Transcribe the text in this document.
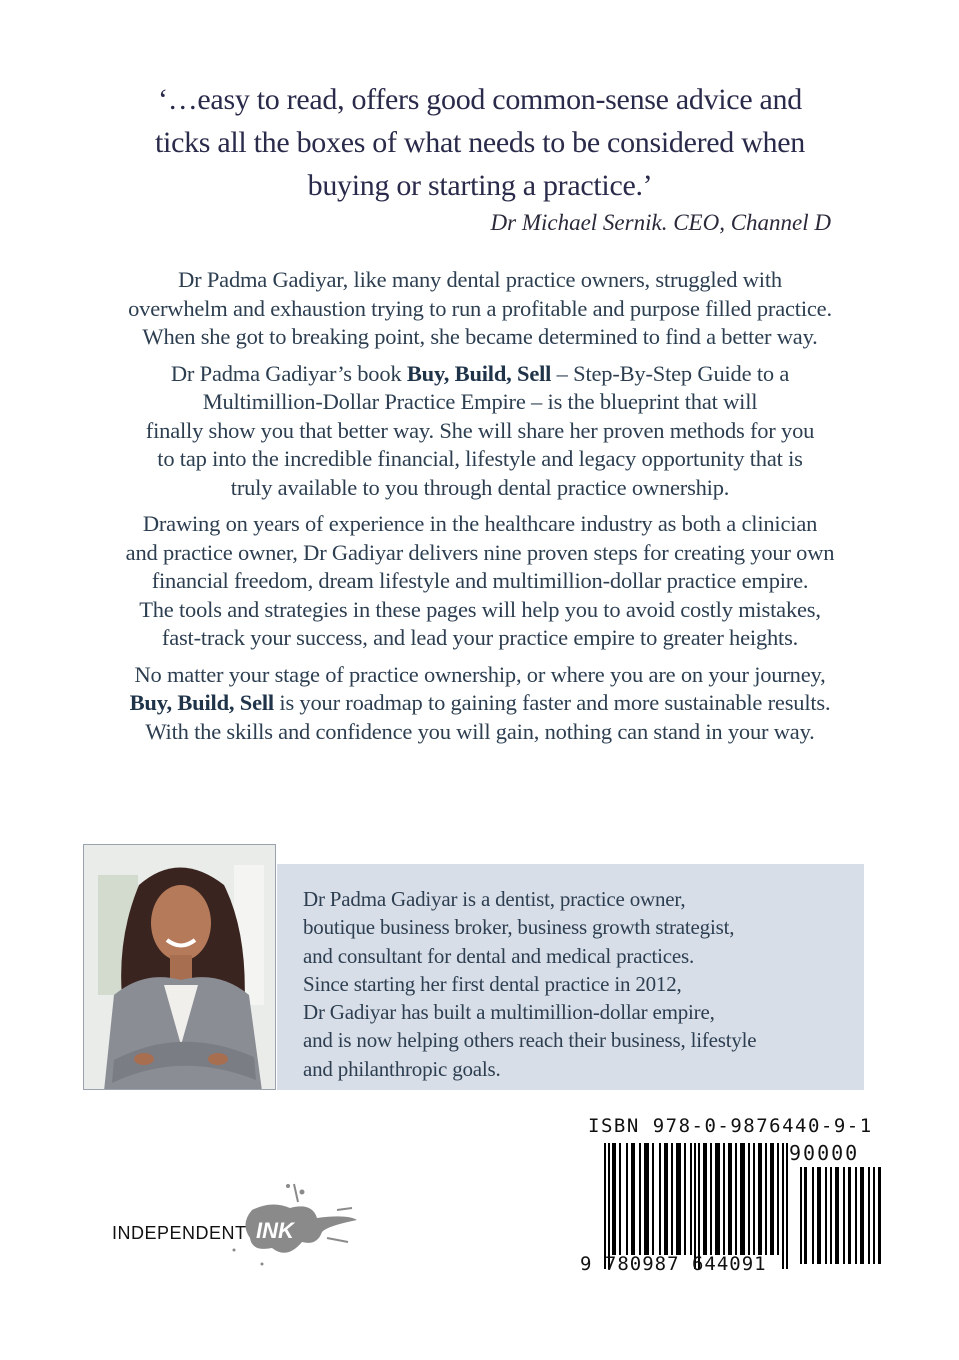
‘…easy to read, offers good common-sense advice and
ticks all the boxes of what needs to be considered when
buying or starting a practice.’
Dr Michael Sernik. CEO, Channel D
Dr Padma Gadiyar, like many dental practice owners, struggled with
overwhelm and exhaustion trying to run a profitable and purpose filled practice.
When she got to breaking point, she became determined to find a better way.
Dr Padma Gadiyar’s book Buy, Build, Sell – Step-By-Step Guide to a
Multimillion-Dollar Practice Empire – is the blueprint that will
finally show you that better way. She will share her proven methods for you
to tap into the incredible financial, lifestyle and legacy opportunity that is
truly available to you through dental practice ownership.
Drawing on years of experience in the healthcare industry as both a clinician
and practice owner, Dr Gadiyar delivers nine proven steps for creating your own
financial freedom, dream lifestyle and multimillion-dollar practice empire.
The tools and strategies in these pages will help you to avoid costly mistakes,
fast-track your success, and lead your practice empire to greater heights.
No matter your stage of practice ownership, or where you are on your journey,
Buy, Build, Sell is your roadmap to gaining faster and more sustainable results.
With the skills and confidence you will gain, nothing can stand in your way.
Dr Padma Gadiyar is a dentist, practice owner,
boutique business broker, business growth strategist,
and consultant for dental and medical practices.
Since starting her first dental practice in 2012,
Dr Gadiyar has built a multimillion-dollar empire,
and is now helping others reach their business, lifestyle
and philanthropic goals.
INDEPENDENT INK
ISBN 978-0-9876440-9-1
90000
9 780987 644091
